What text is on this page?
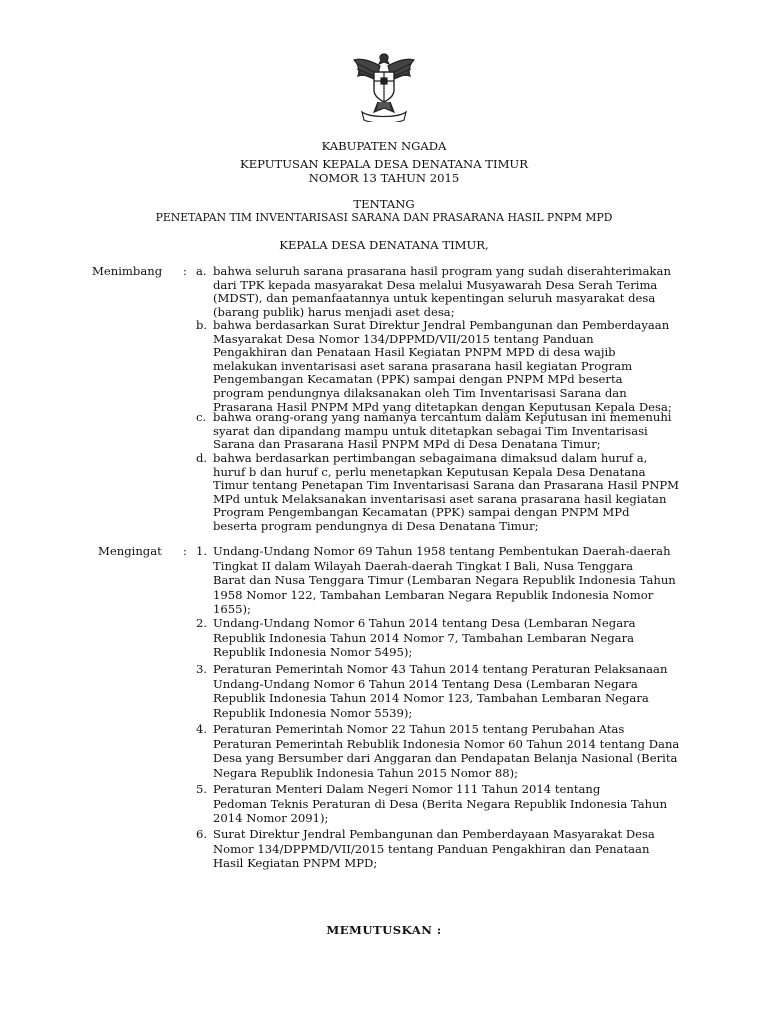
KABUPATEN NGADA
KEPUTUSAN KEPALA DESA DENATANA TIMUR
NOMOR 13 TAHUN 2015
TENTANG
PENETAPAN TIM INVENTARISASI SARANA DAN PRASARANA HASIL PNPM MPD
KEPALA DESA DENATANA TIMUR,
Menimbang : a. bahwa seluruh sarana prasarana hasil program yang sudah diserahterimakan
dari TPK kepada masyarakat Desa melalui Musyawarah Desa Serah Terima
(MDST), dan pemanfaatannya untuk kepentingan seluruh masyarakat desa
(barang publik) harus menjadi aset desa;
b. bahwa berdasarkan Surat Direktur Jendral Pembangunan dan Pemberdayaan
Masyarakat Desa Nomor 134/DPPMD/VII/2015 tentang Panduan
Pengakhiran dan Penataan Hasil Kegiatan PNPM MPD di desa wajib
melakukan inventarisasi aset sarana prasarana hasil kegiatan Program
Pengembangan Kecamatan (PPK) sampai dengan PNPM MPd beserta
program pendungnya dilaksanakan oleh Tim Inventarisasi Sarana dan
Prasarana Hasil PNPM MPd yang ditetapkan dengan Keputusan Kepala Desa;
c. bahwa orang-orang yang namanya tercantum dalam Keputusan ini memenuhi
syarat dan dipandang mampu untuk ditetapkan sebagai Tim Inventarisasi
Sarana dan Prasarana Hasil PNPM MPd di Desa Denatana Timur;
d. bahwa berdasarkan pertimbangan sebagaimana dimaksud dalam huruf a,
huruf b dan huruf c, perlu menetapkan Keputusan Kepala Desa Denatana
Timur tentang Penetapan Tim Inventarisasi Sarana dan Prasarana Hasil PNPM
MPd untuk Melaksanakan inventarisasi aset sarana prasarana hasil kegiatan
Program Pengembangan Kecamatan (PPK) sampai dengan PNPM MPd
beserta program pendungnya di Desa Denatana Timur;
Mengingat : 1. Undang-Undang Nomor 69 Tahun 1958 tentang Pembentukan Daerah-daerah
Tingkat II dalam Wilayah Daerah-daerah Tingkat I Bali, Nusa Tenggara
Barat dan Nusa Tenggara Timur (Lembaran Negara Republik Indonesia Tahun
1958 Nomor 122, Tambahan Lembaran Negara Republik Indonesia Nomor
1655);
2. Undang-Undang Nomor 6 Tahun 2014 tentang Desa (Lembaran Negara
Republik Indonesia Tahun 2014 Nomor 7, Tambahan Lembaran Negara
Republik Indonesia Nomor 5495);
3. Peraturan Pemerintah Nomor 43 Tahun 2014 tentang Peraturan Pelaksanaan
Undang-Undang Nomor 6 Tahun 2014 Tentang Desa (Lembaran Negara
Republik Indonesia Tahun 2014 Nomor 123, Tambahan Lembaran Negara
Republik Indonesia Nomor 5539);
4. Peraturan Pemerintah Nomor 22 Tahun 2015 tentang Perubahan Atas
Peraturan Pemerintah Rebublik Indonesia Nomor 60 Tahun 2014 tentang Dana
Desa yang Bersumber dari Anggaran dan Pendapatan Belanja Nasional (Berita
Negara Republik Indonesia Tahun 2015 Nomor 88);
5. Peraturan Menteri Dalam Negeri Nomor 111 Tahun 2014 tentang
Pedoman Teknis Peraturan di Desa (Berita Negara Republik Indonesia Tahun
2014 Nomor 2091);
6. Surat Direktur Jendral Pembangunan dan Pemberdayaan Masyarakat Desa
Nomor 134/DPPMD/VII/2015 tentang Panduan Pengakhiran dan Penataan
Hasil Kegiatan PNPM MPD;
MEMUTUSKAN :
